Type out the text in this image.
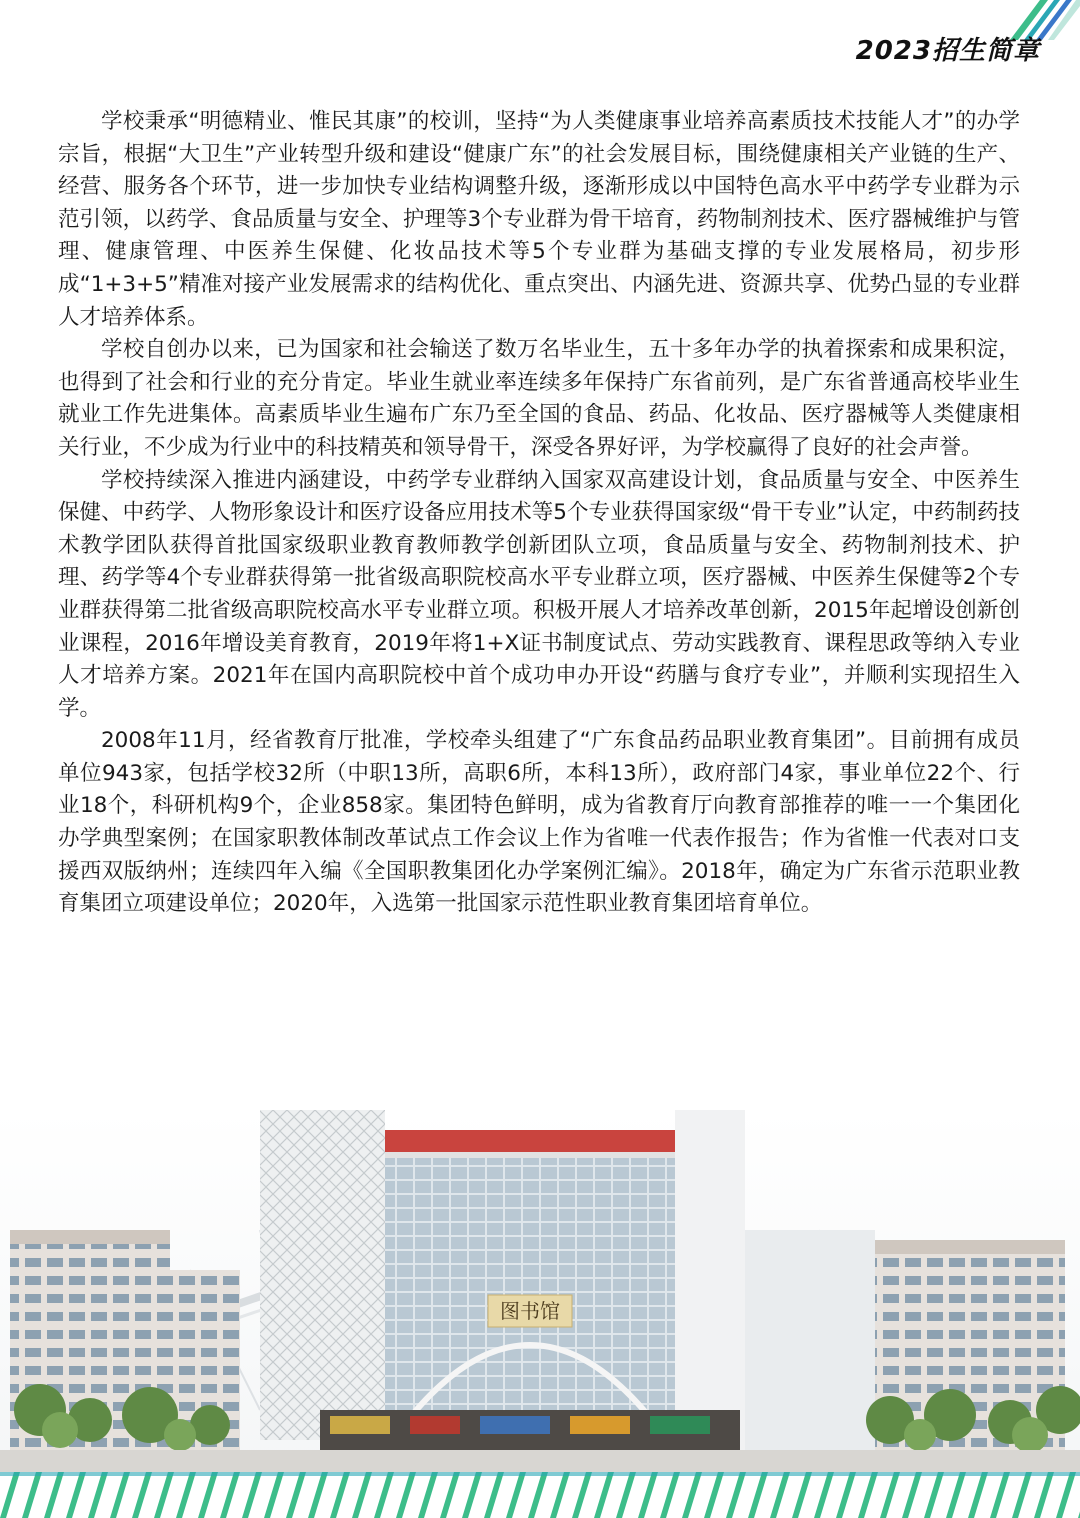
2023招生简章

学校秉承“明德精业、惟民其康”的校训，坚持“为人类健康事业培养高素质技术技能人才”的办学宗旨，根据“大卫生”产业转型升级和建设“健康广东”的社会发展目标，围绕健康相关产业链的生产、经营、服务各个环节，进一步加快专业结构调整升级，逐渐形成以中国特色高水平中药学专业群为示范引领，以药学、食品质量与安全、护理等3个专业群为骨干培育，药物制剂技术、医疗器械维护与管理、健康管理、中医养生保健、化妆品技术等5个专业群为基础支撑的专业发展格局，初步形成“1+3+5”精准对接产业发展需求的结构优化、重点突出、内涵先进、资源共享、优势凸显的专业群人才培养体系。

学校自创办以来，已为国家和社会输送了数万名毕业生，五十多年办学的执着探索和成果积淀，也得到了社会和行业的充分肯定。毕业生就业率连续多年保持广东省前列，是广东省普通高校毕业生就业工作先进集体。高素质毕业生遍布广东乃至全国的食品、药品、化妆品、医疗器械等人类健康相关行业，不少成为行业中的科技精英和领导骨干，深受各界好评，为学校赢得了良好的社会声誉。

学校持续深入推进内涵建设，中药学专业群纳入国家双高建设计划，食品质量与安全、中医养生保健、中药学、人物形象设计和医疗设备应用技术等5个专业获得国家级“骨干专业”认定，中药制药技术教学团队获得首批国家级职业教育教师教学创新团队立项，食品质量与安全、药物制剂技术、护理、药学等4个专业群获得第一批省级高职院校高水平专业群立项，医疗器械、中医养生保健等2个专业群获得第二批省级高职院校高水平专业群立项。积极开展人才培养改革创新，2015年起增设创新创业课程，2016年增设美育教育，2019年将1+X证书制度试点、劳动实践教育、课程思政等纳入专业人才培养方案。2021年在国内高职院校中首个成功申办开设“药膳与食疗专业”，并顺利实现招生入学。

2008年11月，经省教育厅批准，学校牵头组建了“广东食品药品职业教育集团”。目前拥有成员单位943家，包括学校32所（中职13所，高职6所，本科13所），政府部门4家，事业单位22个、行业18个，科研机构9个，企业858家。集团特色鲜明，成为省教育厅向教育部推荐的唯一一个集团化办学典型案例；在国家职教体制改革试点工作会议上作为省唯一代表作报告；作为省惟一代表对口支援西双版纳州；连续四年入编《全国职教集团化办学案例汇编》。2018年，确定为广东省示范职业教育集团立项建设单位；2020年，入选第一批国家示范性职业教育集团培育单位。

图书馆
